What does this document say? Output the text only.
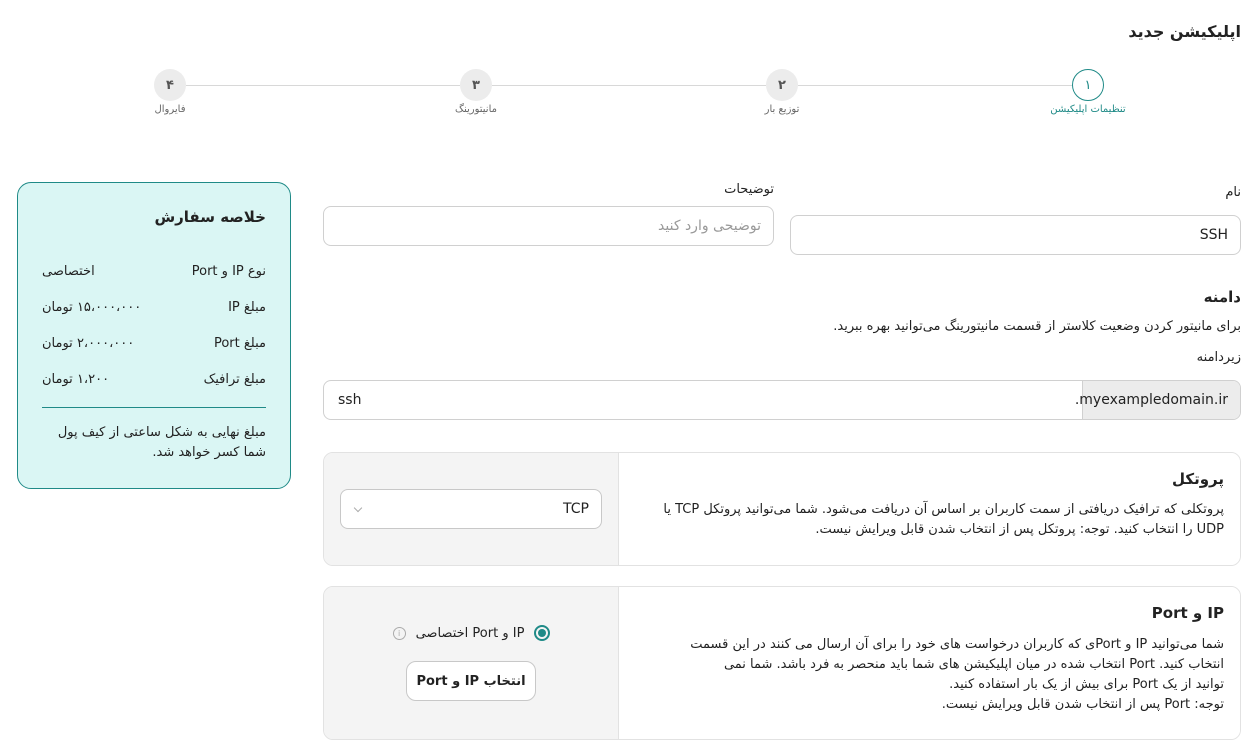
اپلیکیشن جدید
۱
تنظیمات اپلیکیشن
۲
توزیع بار
۳
مانیتورینگ
۴
فایروال
نام
SSH
توضیحات
توضیحی وارد کنید
دامنه
برای مانیتور کردن وضعیت کلاستر از قسمت مانیتورینگ می‌توانید بهره ببرید.
زیردامنه
ssh	.myexampledomain.ir
TCP
پروتکل
پروتکلی که ترافیک دریافتی از سمت کاربران بر اساس آن دریافت می‌شود. شما می‌توانید پروتکل TCP یا UDP را انتخاب کنید. توجه: پروتکل پس از انتخاب شدن قابل ویرایش نیست.
IP و Port اختصاصی
i
انتخاب IP و Port
IP و Port
شما می‌توانید IP و Portی که کاربران درخواست های خود را برای آن ارسال می کنند در این قسمت
انتخاب کنید. Port انتخاب شده در میان اپلیکیشن های شما باید منحصر به فرد باشد. شما نمی
توانید از یک Port برای بیش از یک بار استفاده کنید.
توجه: Port پس از انتخاب شدن قابل ویرایش نیست.
خلاصه سفارش
نوع IP و Port
اختصاصی
مبلغ IP
۱۵،۰۰۰،۰۰۰ تومان
مبلغ Port
۲،۰۰۰،۰۰۰ تومان
مبلغ ترافیک
۱،۲۰۰ تومان
مبلغ نهایی به شکل ساعتی از کیف پول شما کسر خواهد شد.
